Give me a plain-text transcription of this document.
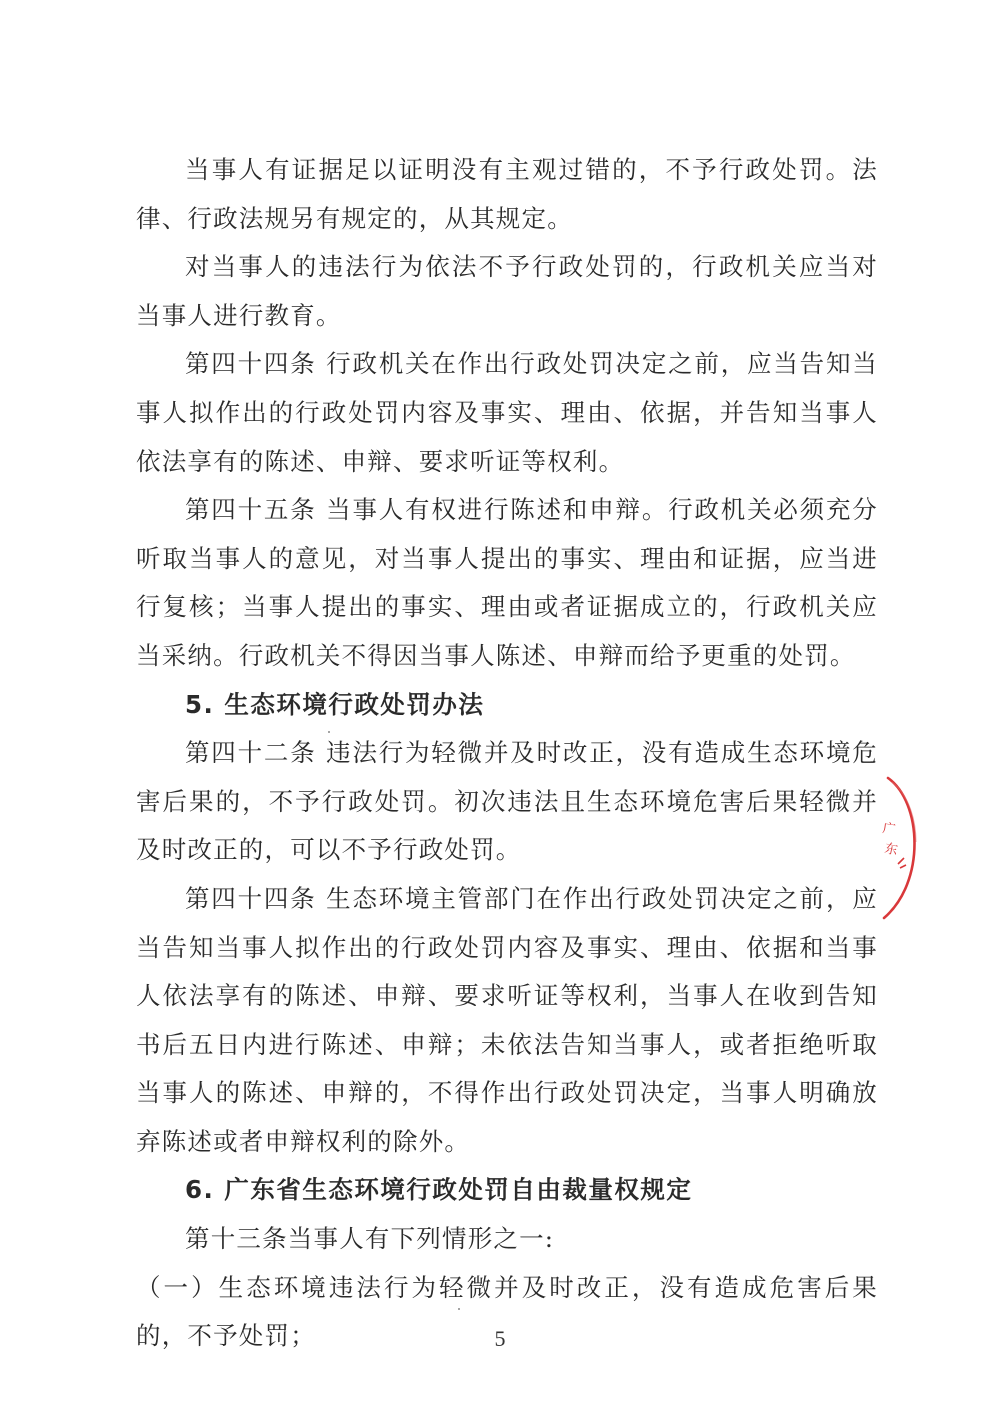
当事人有证据足以证明没有主观过错的，不予行政处罚。法律、行政法规另有规定的，从其规定。

对当事人的违法行为依法不予行政处罚的，行政机关应当对当事人进行教育。

第四十四条 行政机关在作出行政处罚决定之前，应当告知当事人拟作出的行政处罚内容及事实、理由、依据，并告知当事人依法享有的陈述、申辩、要求听证等权利。

第四十五条 当事人有权进行陈述和申辩。行政机关必须充分听取当事人的意见，对当事人提出的事实、理由和证据，应当进行复核；当事人提出的事实、理由或者证据成立的，行政机关应当采纳。行政机关不得因当事人陈述、申辩而给予更重的处罚。

5. 生态环境行政处罚办法

第四十二条 违法行为轻微并及时改正，没有造成生态环境危害后果的，不予行政处罚。初次违法且生态环境危害后果轻微并及时改正的，可以不予行政处罚。

第四十四条 生态环境主管部门在作出行政处罚决定之前，应当告知当事人拟作出的行政处罚内容及事实、理由、依据和当事人依法享有的陈述、申辩、要求听证等权利，当事人在收到告知书后五日内进行陈述、申辩；未依法告知当事人，或者拒绝听取当事人的陈述、申辩的，不得作出行政处罚决定，当事人明确放弃陈述或者申辩权利的除外。

6. 广东省生态环境行政处罚自由裁量权规定

第十三条当事人有下列情形之一:

（一）生态环境违法行为轻微并及时改正，没有造成危害后果的，不予处罚；

广
东
5
